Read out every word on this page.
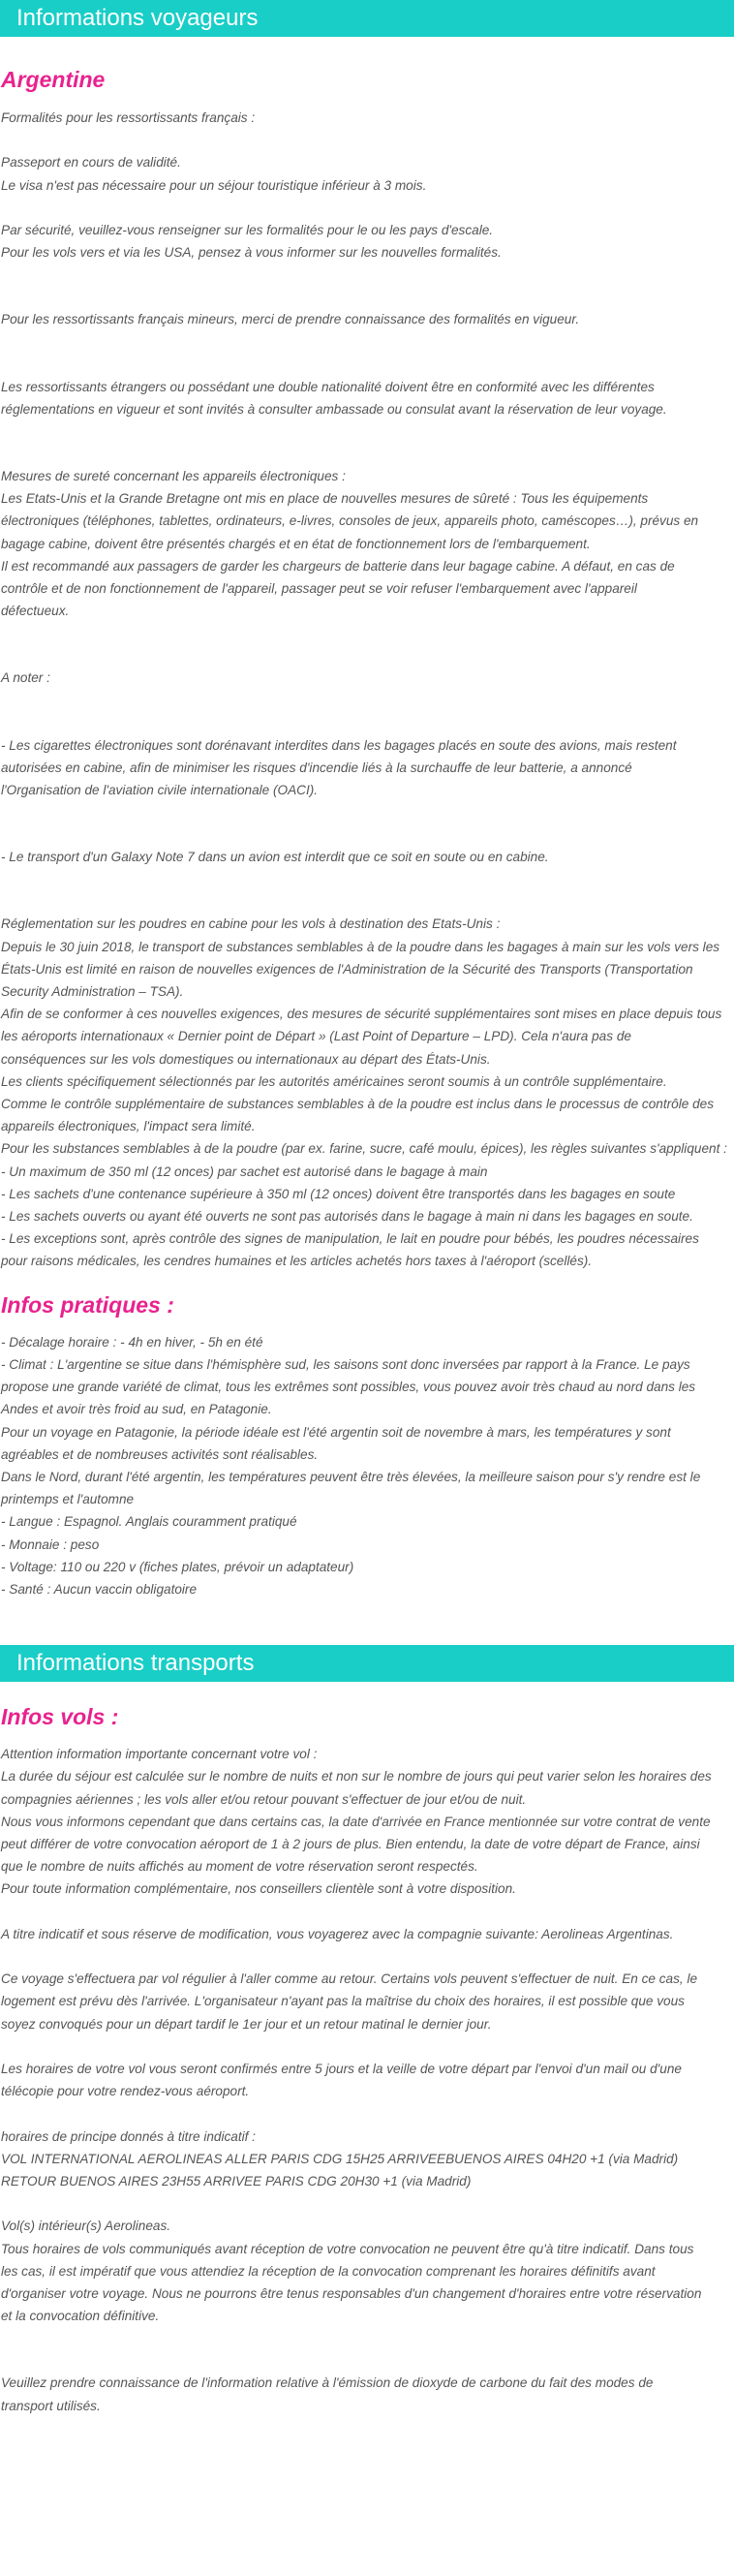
Informations voyageurs
Argentine
Formalités pour les ressortissants français :
Passeport en cours de validité.
Le visa n'est pas nécessaire pour un séjour touristique inférieur à 3 mois.
Par sécurité, veuillez-vous renseigner sur les formalités pour le ou les pays d'escale.
Pour les vols vers et via les USA, pensez à vous informer sur les nouvelles formalités.
Pour les ressortissants français mineurs, merci de prendre connaissance des formalités en vigueur.
Les ressortissants étrangers ou possédant une double nationalité doivent être en conformité avec les différentes
réglementations en vigueur et sont invités à consulter ambassade ou consulat avant la réservation de leur voyage.
Mesures de sureté concernant les appareils électroniques :
Les Etats-Unis et la Grande Bretagne ont mis en place de nouvelles mesures de sûreté : Tous les équipements
électroniques (téléphones, tablettes, ordinateurs, e-livres, consoles de jeux, appareils photo, caméscopes…), prévus en
bagage cabine, doivent être présentés chargés et en état de fonctionnement lors de l'embarquement.
Il est recommandé aux passagers de garder les chargeurs de batterie dans leur bagage cabine. A défaut, en cas de
contrôle et de non fonctionnement de l'appareil, passager peut se voir refuser l'embarquement avec l'appareil
défectueux.
A noter :
- Les cigarettes électroniques sont dorénavant interdites dans les bagages placés en soute des avions, mais restent
autorisées en cabine, afin de minimiser les risques d'incendie liés à la surchauffe de leur batterie, a annoncé
l'Organisation de l'aviation civile internationale (OACI).
- Le transport d'un Galaxy Note 7 dans un avion est interdit que ce soit en soute ou en cabine.
Réglementation sur les poudres en cabine pour les vols à destination des Etats-Unis :
Depuis le 30 juin 2018, le transport de substances semblables à de la poudre dans les bagages à main sur les vols vers les
États-Unis est limité en raison de nouvelles exigences de l'Administration de la Sécurité des Transports (Transportation
Security Administration – TSA).
Afin de se conformer à ces nouvelles exigences, des mesures de sécurité supplémentaires sont mises en place depuis tous
les aéroports internationaux « Dernier point de Départ » (Last Point of Departure – LPD). Cela n'aura pas de
conséquences sur les vols domestiques ou internationaux au départ des États-Unis.
Les clients spécifiquement sélectionnés par les autorités américaines seront soumis à un contrôle supplémentaire.
Comme le contrôle supplémentaire de substances semblables à de la poudre est inclus dans le processus de contrôle des
appareils électroniques, l'impact sera limité.
Pour les substances semblables à de la poudre (par ex. farine, sucre, café moulu, épices), les règles suivantes s'appliquent :
- Un maximum de 350 ml (12 onces) par sachet est autorisé dans le bagage à main
- Les sachets d'une contenance supérieure à 350 ml (12 onces) doivent être transportés dans les bagages en soute
- Les sachets ouverts ou ayant été ouverts ne sont pas autorisés dans le bagage à main ni dans les bagages en soute.
- Les exceptions sont, après contrôle des signes de manipulation, le lait en poudre pour bébés, les poudres nécessaires
pour raisons médicales, les cendres humaines et les articles achetés hors taxes à l'aéroport (scellés).
Infos pratiques :
- Décalage horaire : - 4h en hiver, - 5h en été
- Climat : L'argentine se situe dans l'hémisphère sud, les saisons sont donc inversées par rapport à la France. Le pays
propose une grande variété de climat, tous les extrêmes sont possibles, vous pouvez avoir très chaud au nord dans les
Andes et avoir très froid au sud, en Patagonie.
Pour un voyage en Patagonie, la période idéale est l'été argentin soit de novembre à mars, les températures y sont
agréables et de nombreuses activités sont réalisables.
Dans le Nord, durant l'été argentin, les températures peuvent être très élevées, la meilleure saison pour s'y rendre est le
printemps et l'automne
- Langue : Espagnol. Anglais couramment pratiqué
- Monnaie : peso
- Voltage: 110 ou 220 v (fiches plates, prévoir un adaptateur)
- Santé : Aucun vaccin obligatoire
Informations transports
Infos vols :
Attention information importante concernant votre vol :
La durée du séjour est calculée sur le nombre de nuits et non sur le nombre de jours qui peut varier selon les horaires des
compagnies aériennes ; les vols aller et/ou retour pouvant s'effectuer de jour et/ou de nuit.
Nous vous informons cependant que dans certains cas, la date d'arrivée en France mentionnée sur votre contrat de vente
peut différer de votre convocation aéroport de 1 à 2 jours de plus. Bien entendu, la date de votre départ de France, ainsi
que le nombre de nuits affichés au moment de votre réservation seront respectés.
Pour toute information complémentaire, nos conseillers clientèle sont à votre disposition.
A titre indicatif et sous réserve de modification, vous voyagerez avec la compagnie suivante: Aerolineas Argentinas.
Ce voyage s'effectuera par vol régulier à l'aller comme au retour. Certains vols peuvent s'effectuer de nuit. En ce cas, le
logement est prévu dès l'arrivée. L'organisateur n'ayant pas la maîtrise du choix des horaires, il est possible que vous
soyez convoqués pour un départ tardif le 1er jour et un retour matinal le dernier jour.
Les horaires de votre vol vous seront confirmés entre 5 jours et la veille de votre départ par l'envoi d'un mail ou d'une
télécopie pour votre rendez-vous aéroport.
horaires de principe donnés à titre indicatif :
VOL INTERNATIONAL AEROLINEAS ALLER PARIS CDG 15H25 ARRIVEEBUENOS AIRES 04H20 +1 (via Madrid)
RETOUR BUENOS AIRES 23H55 ARRIVEE PARIS CDG 20H30 +1 (via Madrid)
Vol(s) intérieur(s) Aerolineas.
Tous horaires de vols communiqués avant réception de votre convocation ne peuvent être qu'à titre indicatif. Dans tous
les cas, il est impératif que vous attendiez la réception de la convocation comprenant les horaires définitifs avant
d'organiser votre voyage. Nous ne pourrons être tenus responsables d'un changement d'horaires entre votre réservation
et la convocation définitive.
Veuillez prendre connaissance de l'information relative à l'émission de dioxyde de carbone du fait des modes de
transport utilisés.
